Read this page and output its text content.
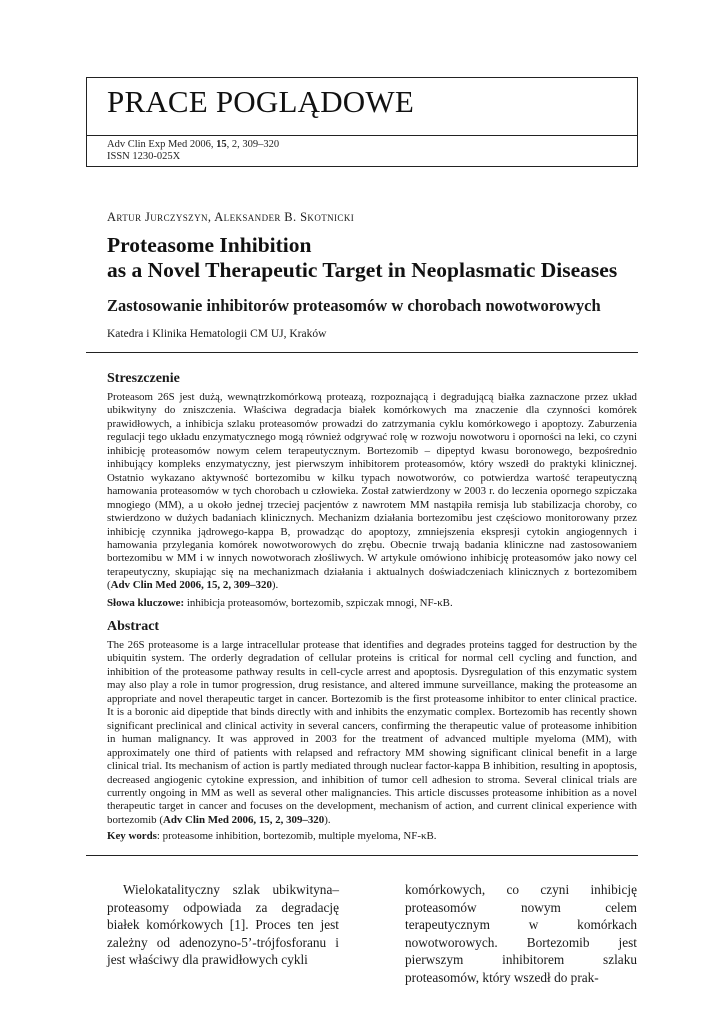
PRACE POGLĄDOWE
Adv Clin Exp Med 2006, 15, 2, 309–320
ISSN 1230-025X
Artur Jurczyszyn, Aleksander B. Skotnicki
Proteasome Inhibition
as a Novel Therapeutic Target in Neoplasmatic Diseases
Zastosowanie inhibitorów proteasomów w chorobach nowotworowych
Katedra i Klinika Hematologii CM UJ, Kraków
Streszczenie
Proteasom 26S jest dużą, wewnątrzkomórkową proteazą, rozpoznającą i degradującą białka zaznaczone przez układ ubikwityny do zniszczenia. Właściwa degradacja białek komórkowych ma znaczenie dla czynności komórek prawidłowych, a inhibicja szlaku proteasomów prowadzi do zatrzymania cyklu komórkowego i apoptozy. Zaburzenia regulacji tego układu enzymatycznego mogą również odgrywać rolę w rozwoju nowotworu i oporności na leki, co czyni inhibicję proteasomów nowym celem terapeutycznym. Bortezomib – dipeptyd kwasu boronowego, bezpośrednio inhibujący kompleks enzymatyczny, jest pierwszym inhibitorem proteasomów, który wszedł do praktyki klinicznej. Ostatnio wykazano aktywność bortezomibu w kilku typach nowotworów, co potwierdza wartość terapeutyczną hamowania proteasomów w tych chorobach u człowieka. Został zatwierdzony w 2003 r. do leczenia opornego szpiczaka mnogiego (MM), a u około jednej trzeciej pacjentów z nawrotem MM nastąpiła remisja lub stabilizacja choroby, co stwierdzono w dużych badaniach klinicznych. Mechanizm działania bortezomibu jest częściowo monitorowany przez inhibicję czynnika jądrowego-kappa B, prowadząc do apoptozy, zmniejszenia ekspresji cytokin angiogennych i hamowania przylegania komórek nowotworowych do zrębu. Obecnie trwają badania kliniczne nad zastosowaniem bortezomibu w MM i w innych nowotworach złośliwych. W artykule omówiono inhibicję proteasomów jako nowy cel terapeutyczny, skupiając się na mechanizmach działania i aktualnych doświadczeniach klinicznych z bortezomibem (Adv Clin Med 2006, 15, 2, 309–320).
Słowa kluczowe: inhibicja proteasomów, bortezomib, szpiczak mnogi, NF-κB.
Abstract
The 26S proteasome is a large intracellular protease that identifies and degrades proteins tagged for destruction by the ubiquitin system. The orderly degradation of cellular proteins is critical for normal cell cycling and function, and inhibition of the proteasome pathway results in cell-cycle arrest and apoptosis. Dysregulation of this enzymatic system may also play a role in tumor progression, drug resistance, and altered immune surveillance, making the proteasome an appropriate and novel therapeutic target in cancer. Bortezomib is the first proteasome inhibitor to enter clinical practice. It is a boronic aid dipeptide that binds directly with and inhibits the enzymatic complex. Bortezomib has recently shown significant preclinical and clinical activity in several cancers, confirming the therapeutic value of proteasome inhibition in human malignancy. It was approved in 2003 for the treatment of advanced multiple myeloma (MM), with approximately one third of patients with relapsed and refractory MM showing significant clinical benefit in a large clinical trial. Its mechanism of action is partly mediated through nuclear factor-kappa B inhibition, resulting in apoptosis, decreased angiogenic cytokine expression, and inhibition of tumor cell adhesion to stroma. Several clinical trials are currently ongoing in MM as well as several other malignancies. This article discusses proteasome inhibition as a novel therapeutic target in cancer and focuses on the development, mechanism of action, and current clinical experience with bortezomib (Adv Clin Med 2006, 15, 2, 309–320).
Key words: proteasome inhibition, bortezomib, multiple myeloma, NF-κB.
Wielokatalityczny szlak ubikwityna–proteasomy odpowiada za degradację białek komórkowych [1]. Proces ten jest zależny od adenozyno-5’-trójfosforanu i jest właściwy dla prawidłowych cykli
komórkowych, co czyni inhibicję proteasomów nowym celem terapeutycznym w komórkach nowotworowych. Bortezomib jest pierwszym inhibitorem szlaku proteasomów, który wszedł do prak-
